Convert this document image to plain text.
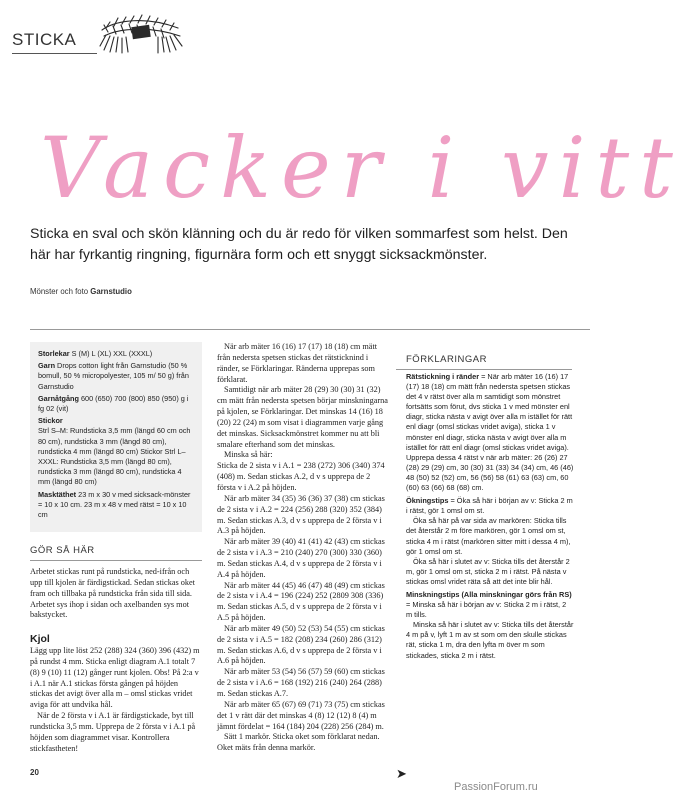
STICKA
Vacker i vitt
Sticka en sval och skön klänning och du är redo för vilken sommarfest som helst. Den här har fyrkantig ringning, figurnära form och ett snyggt sicksackmönster.
Mönster och foto Garnstudio

Storlekar S (M) L (XL) XXL (XXXL)

Garn Drops cotton light från Garnstudio (50 % bomull, 50 % micropolyester, 105 m/ 50 g) från Garnstudio

Garnåtgång 600 (650) 700 (800) 850 (950) g i fg 02 (vit)

Stickor
Strl S–M: Rundsticka 3,5 mm (längd 60 cm och 80 cm), rundsticka 3 mm (längd 80 cm), rundsticka 4 mm (längd 80 cm) Stickor Strl L–XXXL: Rundsticka 3,5 mm (längd 80 cm), rundsticka 3 mm (längd 80 cm), rundsticka 4 mm (längd 80 cm)

Masktäthet 23 m x 30 v med sicksack-mönster = 10 x 10 cm. 23 m x 48 v med rätst = 10 x 10 cm

GÖR SÅ HÄR
Arbetet stickas runt på rundsticka, ned-ifrån och upp till kjolen är färdigstickad. Sedan stickas oket fram och tillbaka på rundsticka från sida till sida. Arbetet sys ihop i sidan och axelbanden sys mot bakstycket.
Kjol
Lägg upp lite löst 252 (288) 324 (360) 396 (432) m på rundst 4 mm. Sticka enligt diagram A.1 totalt 7 (8) 9 (10) 11 (12) gånger runt kjolen. Obs! På 2:a v i A.1 när A.1 stickas första gången på höjden stickas det avigt över alla m – omsl stickas vridet aviga för att undvika hål.
När de 2 första v i A.1 är färdigstickade, byt till rundsticka 3,5 mm. Upprepa de 2 första v i A.1 på höjden som diagrammet visar. Kontrollera stickfastheten!

När arb mäter 16 (16) 17 (17) 18 (18) cm mätt från nedersta spetsen stickas det rätsticknind i ränder, se Förklaringar. Ränderna upprepas som förklarat.

Samtidigt när arb mäter 28 (29) 30 (30) 31 (32) cm mätt från nedersta spetsen börjar minskningarna på kjolen, se Förklaringar. Det minskas 14 (16) 18 (20) 22 (24) m som visat i diagrammen varje gång det minskas. Sicksackmönstret kommer nu att bli smalare efterhand som det minskas.

Minska så här:

Sticka de 2 sista v i A.1 = 238 (272) 306 (340) 374 (408) m. Sedan stickas A.2, d v s upprepa de 2 första v i A.2 på höjden.

När arb mäter 34 (35) 36 (36) 37 (38) cm stickas de 2 sista v i A.2 = 224 (256) 288 (320) 352 (384) m. Sedan stickas A.3, d v s upprepa de 2 första v i A.3 på höjden.

När arb mäter 39 (40) 41 (41) 42 (43) cm stickas de 2 sista v i A.3 = 210 (240) 270 (300) 330 (360) m. Sedan stickas A.4, d v s upprepa de 2 första v i A.4 på höjden.

När arb mäter 44 (45) 46 (47) 48 (49) cm stickas de 2 sista v i A.4 = 196 (224) 252 (2809 308 (336) m. Sedan stickas A.5, d v s upprepa de 2 första v i A.5 på höjden.

När arb mäter 49 (50) 52 (53) 54 (55) cm stickas de 2 sista v i A.5 = 182 (208) 234 (260) 286 (312) m. Sedan stickas A.6, d v s upprepa de 2 första v i A.6 på höjden.

När arb mäter 53 (54) 56 (57) 59 (60) cm stickas de 2 sista v i A.6 = 168 (192) 216 (240) 264 (288) m. Sedan stickas A.7.

När arb mäter 65 (67) 69 (71) 73 (75) cm stickas det 1 v rätt där det minskas 4 (8) 12 (12) 8 (4) m jämnt fördelat = 164 (184) 204 (228) 256 (284) m.

Sätt 1 markör. Sticka oket som förklarat nedan. Oket mäts från denna markör.

FÖRKLARINGAR

Rätstickning i ränder = När arb mäter 16 (16) 17 (17) 18 (18) cm mätt från nedersta spetsen stickas det 4 v rätst över alla m samtidigt som mönstret fortsätts som förut, dvs sticka 1 v med mönster enl diagr, sticka nästa v avigt över alla m istället för rätt enl diagr (omsl stickas vridet aviga), sticka 1 v mönster enl diagr, sticka nästa v avigt över alla m istället för rätt enl diagr (omsl stickas vridet aviga). Upprepa dessa 4 rätst v när arb mäter: 26 (26) 27 (28) 29 (29) cm, 30 (30) 31 (33) 34 (34) cm, 46 (46) 48 (50) 52 (52) cm, 56 (56) 58 (61) 63 (63) cm, 60 (60) 63 (66) 68 (68) cm.

Ökningstips = Öka så här i början av v: Sticka 2 m i rätst, gör 1 omsl om st.

Öka så här på var sida av markören: Sticka tills det återstår 2 m före markören, gör 1 omsl om st, sticka 4 m i rätst (markören sitter mitt i dessa 4 m), gör 1 omsl om st.

Öka så här i slutet av v: Sticka tills det återstår 2 m, gör 1 omsl om st, sticka 2 m i rätst. På nästa v stickas omsl vridet räta så att det inte blir hål.

Minskningstips (Alla minskningar görs från RS) = Minska så här i början av v: Sticka 2 m i rätst, 2 m tills.

Minska så här i slutet av v: Sticka tills det återstår 4 m på v, lyft 1 m av st som om den skulle stickas rät, sticka 1 m, dra den lyfta m över m som stickades, sticka 2 m i rätst.

➤
20
PassionForum.ru
